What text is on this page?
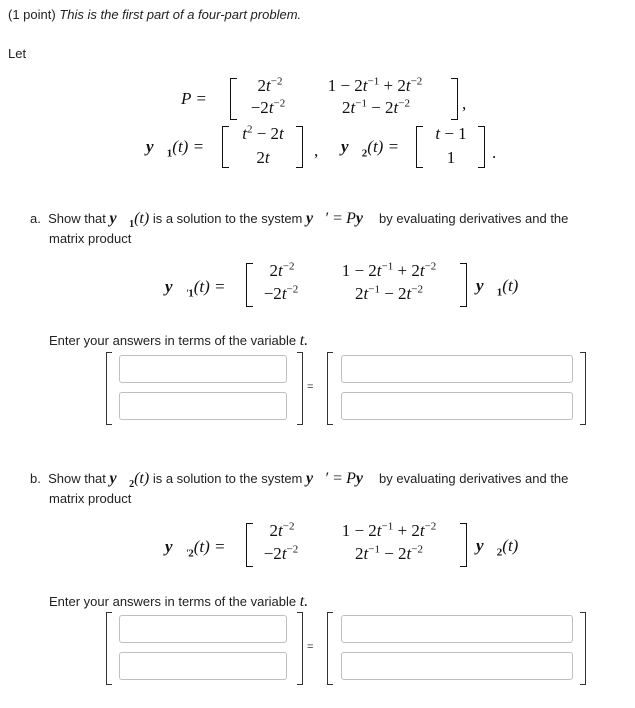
(1 point) This is the first part of a four-part problem.
Let
P =
$2t^{-2}$	$1 - 2t^{-1} + 2t^{-2}$
$-2t^{-2}$	$2t^{-1} - 2t^{-2}$	,
$y⃗_1(t)$ =
$t^2 - 2t$
2t	, $y⃗_2(t)$ =
t − 1
1	.
a. Show that $y⃗_1(t)$ is a solution to the system y⃗′ = Py⃗ by evaluating derivatives and the
matrix product
$y⃗_{'1}(t)$ =
$2t^{-2}$	$1 - 2t^{-1} + 2t^{-2}$
$-2t^{-2}$	$2t^{-1} - 2t^{-2}$	$y⃗_1(t)$
Enter your answers in terms of the variable t.
=
b. Show that $y⃗_2(t)$ is a solution to the system y⃗′ = Py⃗ by evaluating derivatives and the
matrix product
$y⃗_{'2}(t)$ =
$2t^{-2}$	$1 - 2t^{-1} + 2t^{-2}$
$-2t^{-2}$	$2t^{-1} - 2t^{-2}$	$y⃗_2(t)$
Enter your answers in terms of the variable t.
=
